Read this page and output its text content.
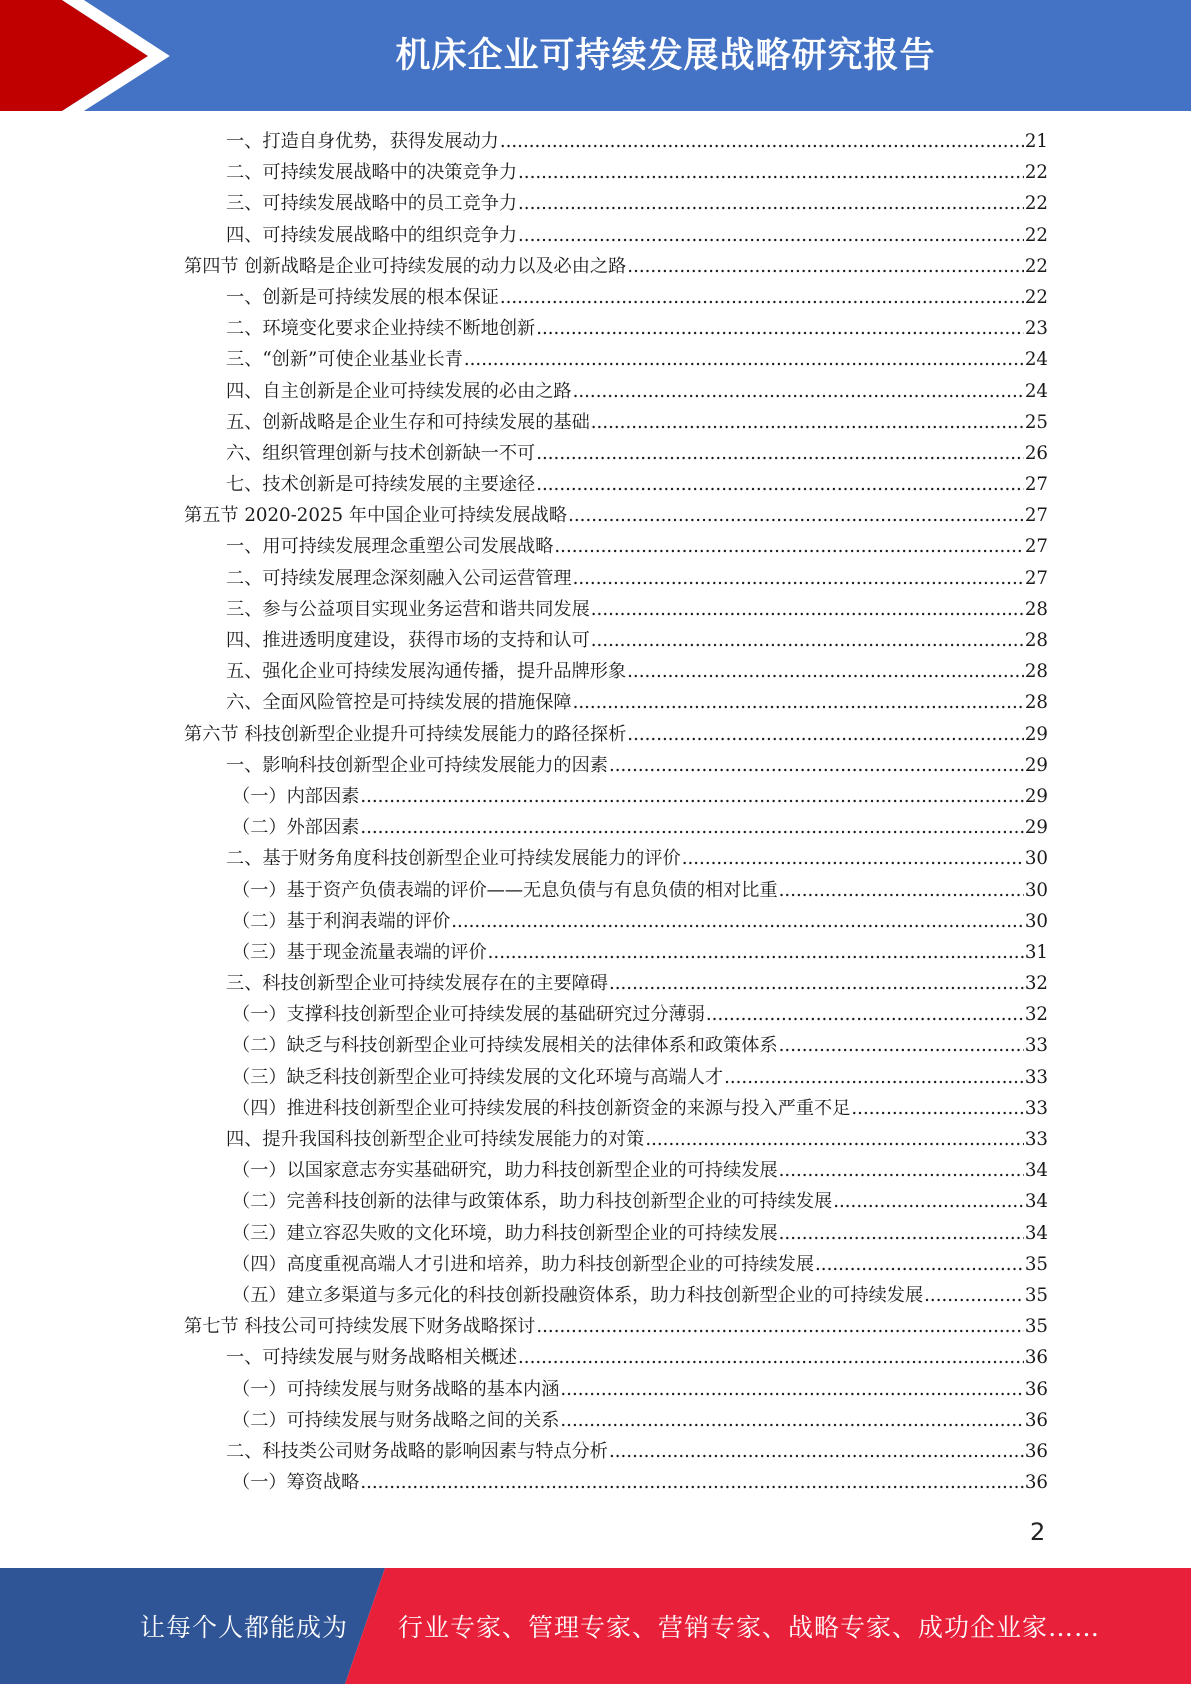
机床企业可持续发展战略研究报告
一、打造自身优势，获得发展动力 .....	21
二、可持续发展战略中的决策竞争力 .....	22
三、可持续发展战略中的员工竞争力 .....	22
四、可持续发展战略中的组织竞争力 .....	22
第四节 创新战略是企业可持续发展的动力以及必由之路 .....	22
一、创新是可持续发展的根本保证 .....	22
二、环境变化要求企业持续不断地创新 .....	23
三、“创新”可使企业基业长青 .....	24
四、自主创新是企业可持续发展的必由之路 .....	24
五、创新战略是企业生存和可持续发展的基础 .....	25
六、组织管理创新与技术创新缺一不可 .....	26
七、技术创新是可持续发展的主要途径 .....	27
第五节 2020-2025 年中国企业可持续发展战略 .....	27
一、用可持续发展理念重塑公司发展战略 .....	27
二、可持续发展理念深刻融入公司运营管理 .....	27
三、参与公益项目实现业务运营和谐共同发展 .....	28
四、推进透明度建设，获得市场的支持和认可 .....	28
五、强化企业可持续发展沟通传播，提升品牌形象 .....	28
六、全面风险管控是可持续发展的措施保障 .....	28
第六节 科技创新型企业提升可持续发展能力的路径探析 .....	29
一、影响科技创新型企业可持续发展能力的因素 .....	29
（一）内部因素 .....	29
（二）外部因素 .....	29
二、基于财务角度科技创新型企业可持续发展能力的评价 .....	30
（一）基于资产负债表端的评价——无息负债与有息负债的相对比重 .....	30
（二）基于利润表端的评价 .....	30
（三）基于现金流量表端的评价 .....	31
三、科技创新型企业可持续发展存在的主要障碍 .....	32
（一）支撑科技创新型企业可持续发展的基础研究过分薄弱 .....	32
（二）缺乏与科技创新型企业可持续发展相关的法律体系和政策体系 .....	33
（三）缺乏科技创新型企业可持续发展的文化环境与高端人才 .....	33
（四）推进科技创新型企业可持续发展的科技创新资金的来源与投入严重不足 .....	33
四、提升我国科技创新型企业可持续发展能力的对策 .....	33
（一）以国家意志夯实基础研究，助力科技创新型企业的可持续发展 .....	34
（二）完善科技创新的法律与政策体系，助力科技创新型企业的可持续发展 .....	34
（三）建立容忍失败的文化环境，助力科技创新型企业的可持续发展 .....	34
（四）高度重视高端人才引进和培养，助力科技创新型企业的可持续发展 .....	35
（五）建立多渠道与多元化的科技创新投融资体系，助力科技创新型企业的可持续发展 .....	35
第七节 科技公司可持续发展下财务战略探讨 .....	35
一、可持续发展与财务战略相关概述 .....	36
（一）可持续发展与财务战略的基本内涵 .....	36
（二）可持续发展与财务战略之间的关系 .....	36
二、科技类公司财务战略的影响因素与特点分析 .....	36
（一）筹资战略 .....	36
2
让每个人都能成为 行业专家、管理专家、营销专家、战略专家、成功企业家……
